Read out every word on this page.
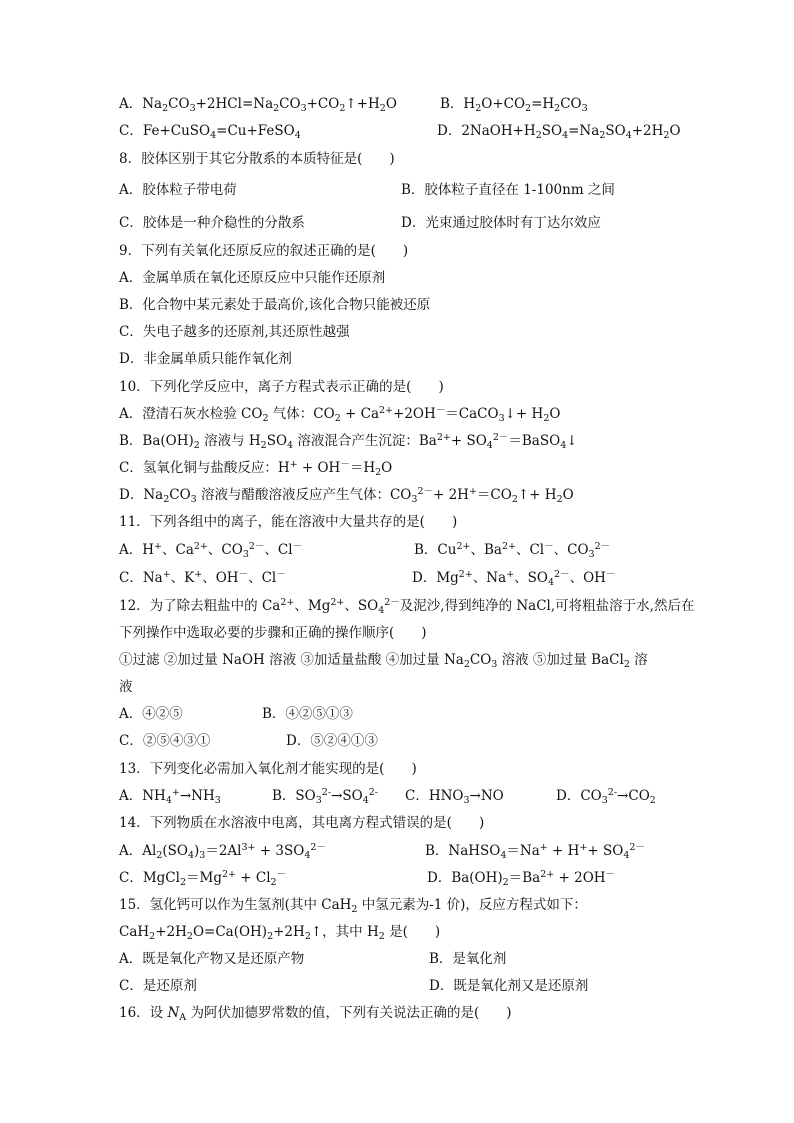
A．$Na_2CO_3+2HCl=Na_2CO_3+CO_2↑+H_2O$	B．$H_2O+CO_2=H_2CO_3$
C．Fe+CuSO$_4$=Cu+FeSO$_4$	D．$2NaOH+H_2SO_4=Na_2SO_4+2H_2O$
8．胶体区别于其它分散系的本质特征是(　　)
A．胶体粒子带电荷	B．胶体粒子直径在 1-100nm 之间
C．胶体是一种介稳性的分散系	D．光束通过胶体时有丁达尔效应
9．下列有关氧化还原反应的叙述正确的是(　　)
A．金属单质在氧化还原反应中只能作还原剂
B．化合物中某元素处于最高价,该化合物只能被还原
C．失电子越多的还原剂,其还原性越强
D．非金属单质只能作氧化剂
10．下列化学反应中，离子方程式表示正确的是(　　)
A．澄清石灰水检验 $CO_2$ 气体：$CO_2$ + $Ca^{2+}+2OH^-=CaCO_3↓+ H_2O$
B．$Ba(OH)_2$ 溶液与 $H_2SO_4$ 溶液混合产生沉淀：$Ba^{2+}+$ $SO_4^{2-}=BaSO_4↓$
C．氢氧化铜与盐酸反应：$H^+ + OH^-=H_2O$
D．$Na_2CO_3$ 溶液与醋酸溶液反应产生气体：$CO_3^{2-}+$ $2H^+=CO_2↑+ H_2O$
11．下列各组中的离子，能在溶液中大量共存的是(　　)
A．H+、$Ca^{2+}$、$CO_3^{2-}$、Cl－	B．$Cu^{2+}$、$Ba^{2+}$、Cl－、$CO_3^{2-}$
C．Na+、K+、OH－、Cl－	D．$Mg^{2+}$、Na+、$SO_4^{2-}$、OH－
12．为了除去粗盐中的 $Ca^{2+}$、$Mg^{2+}$、$SO_4^{2-}$及泥沙,得到纯净的 NaCl,可将粗盐溶于水,然后在
下列操作中选取必要的步骤和正确的操作顺序(　　)
①过滤 ②加过量 NaOH 溶液 ③加适量盐酸 ④加过量 $Na_2CO_3$ 溶液 ⑤加过量 BaCl$_2$ 溶
液
A．④②⑤	B．④②⑤①③
C．②⑤④③①	D．⑤②④①③
13．下列变化必需加入氧化剂才能实现的是(　　)
A．$NH_4^+\to NH_3$	B．$SO_3^{2-}\to SO_4^{2-}$ C．$HNO_3\to NO$	D．$CO_3^{2-}\to CO_2$
14．下列物质在水溶液中电离，其电离方程式错误的是(　　)
A．$Al_2(SO_4)_3=2Al^{3+} + 3SO_4^{2-}$	B．NaHSO$_4$＝Na+ + $H^++ SO_4^{2-}$
C．$MgCl_2=Mg^{2+} + Cl_2^-$	D．$Ba(OH)_2=Ba^{2+} + 2OH^-$
15．氢化钙可以作为生氢剂(其中 CaH$_2$ 中氢元素为-1 价)，反应方程式如下：
$CaH_2+2H_2O=Ca(OH)_2+2H_2↑$，其中 $H_2$ 是(　　)
A．既是氧化产物又是还原产物	B．是氧化剂
C．是还原剂	D．既是氧化剂又是还原剂
16．设 $N_A$ 为阿伏加德罗常数的值，下列有关说法正确的是(　　)
